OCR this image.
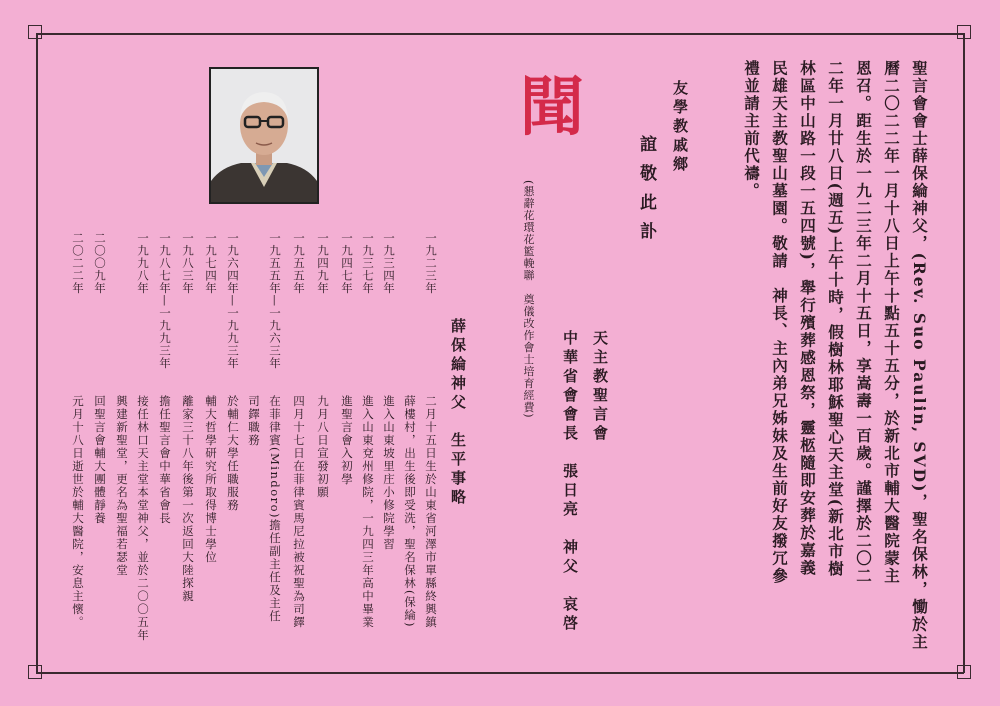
聖言會會士薛保綸神父，(Rev. Suo Paulin, SVD)，聖名保林，慟於主
曆二〇二二年一月十八日上午十點五十五分，於新北市輔大醫院蒙主
恩召。距生於一九二三年二月十五日，享嵩壽一百歲。謹擇於二〇二
二年一月廿八日(週五)上午十時，假樹林耶穌聖心天主堂(新北市樹
林區中山路一段一五四號)，舉行殯葬感恩祭，靈柩隨即安葬於嘉義
民雄天主教聖山墓園。敬請　神長、主內弟兄姊妹及生前好友撥冗參
禮並請主前代禱。
友學教戚鄉
聞
誼敬此訃
(懇辭花環花籃輓聯　奠儀改作會士培育經費)	天主教聖言會
中華省會會長　張日亮　神父　哀啓
薛保綸神父　生平事略
二月十五日生於山東省河澤市單縣終興鎮
薛樓村，出生後即受洗，聖名保林(保綸)
進入山東坡里庄小修院學習
進入山東兗州修院，一九四三年高中畢業
進聖言會入初學
九月八日宣發初願
四月十七日在菲律賓馬尼拉被祝聖為司鐸
在菲律賓(Mindoro)擔任副主任及主任
司鐸職務
於輔仁大學任職服務
輔大哲學研究所取得博士學位
離家三十八年後第一次返回大陸探親
擔任聖言會中華省會長
接任林口天主堂本堂神父，並於二〇〇五年
興建新聖堂，更名為聖福若瑟堂
回聖言會輔大團體靜養
元月十八日逝世於輔大醫院，安息主懷。
一九二三年
一九三四年
一九三七年
一九四七年
一九四九年
一九五五年
一九五五年—一九六三年
一九六四年—一九九三年
一九七四年
一九八三年
一九八七年—一九九三年
一九九八年
二〇〇九年
二〇二二年
